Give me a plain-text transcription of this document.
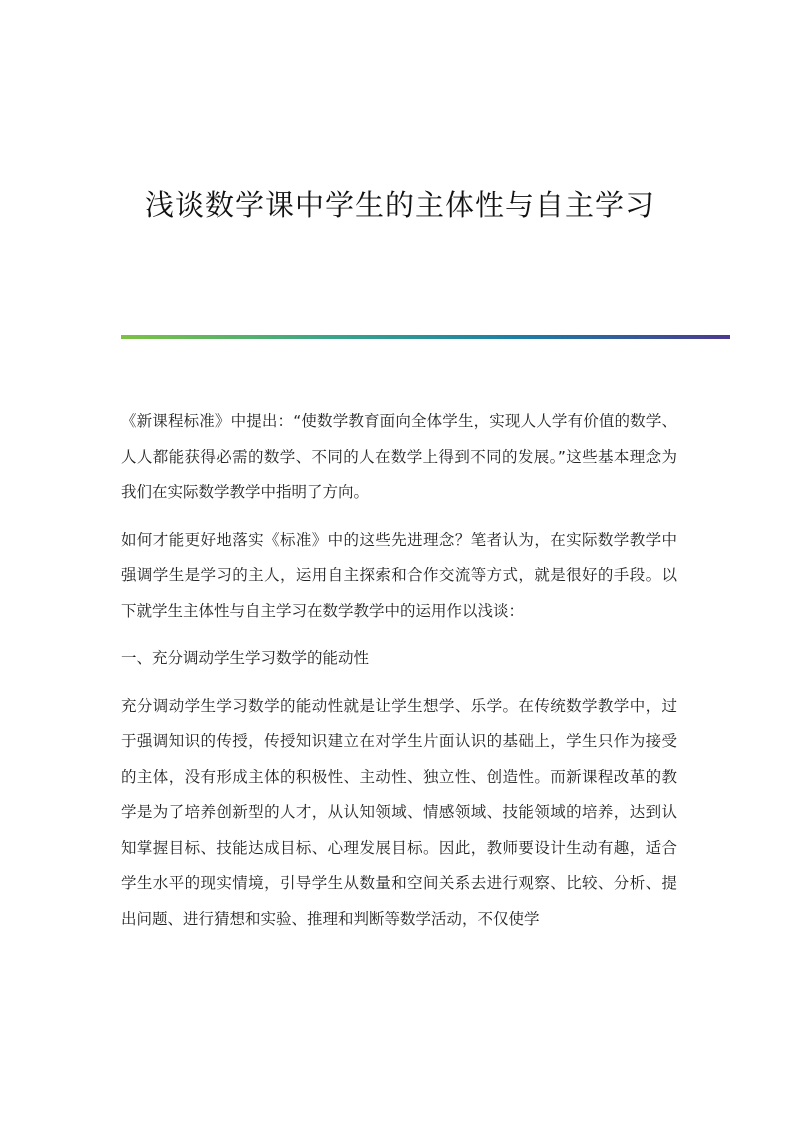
浅谈数学课中学生的主体性与自主学习

《新课程标准》中提出：“使数学教育面向全体学生，实现人人学有价值的数学、人人都能获得必需的数学、不同的人在数学上得到不同的发展。”这些基本理念为我们在实际数学教学中指明了方向。

如何才能更好地落实《标准》中的这些先进理念？笔者认为，在实际数学教学中强调学生是学习的主人，运用自主探索和合作交流等方式，就是很好的手段。以下就学生主体性与自主学习在数学教学中的运用作以浅谈：

一、充分调动学生学习数学的能动性

充分调动学生学习数学的能动性就是让学生想学、乐学。在传统数学教学中，过于强调知识的传授，传授知识建立在对学生片面认识的基础上，学生只作为接受的主体，没有形成主体的积极性、主动性、独立性、创造性。而新课程改革的教学是为了培养创新型的人才，从认知领域、情感领域、技能领域的培养，达到认知掌握目标、技能达成目标、心理发展目标。因此，教师要设计生动有趣，适合学生水平的现实情境，引导学生从数量和空间关系去进行观察、比较、分析、提出问题、进行猜想和实验、推理和判断等数学活动，不仅使学
